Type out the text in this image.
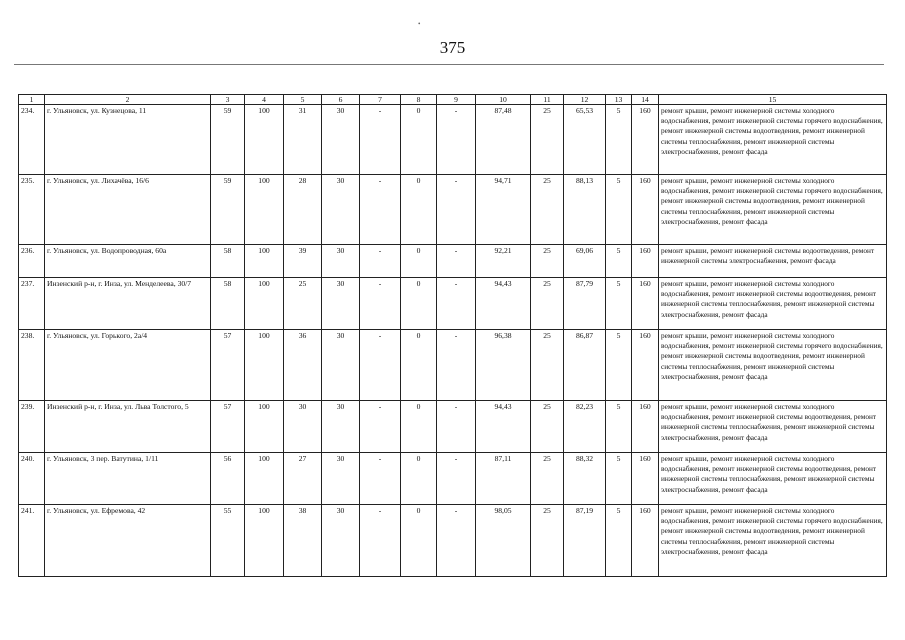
•
375
1	2	3	4	5	6	7	8	9	10	11	12	13	14	15
234.	г. Ульяновск, ул. Кузнецова, 11	59	100	31	30	-	0	-	87,48	25	65,53	5	160	ремонт крыши, ремонт инженерной системы холодного водоснабжения, ремонт инженерной системы горячего водоснабжения, ремонт инженерной системы водоотведения, ремонт инженерной системы теплоснабжения, ремонт инженерной системы электроснабжения, ремонт фасада
235.	г. Ульяновск, ул. Лихачёва, 16/6	59	100	28	30	-	0	-	94,71	25	88,13	5	160	ремонт крыши, ремонт инженерной системы холодного водоснабжения, ремонт инженерной системы горячего водоснабжения, ремонт инженерной системы водоотведения, ремонт инженерной системы теплоснабжения, ремонт инженерной системы электроснабжения, ремонт фасада
236.	г. Ульяновск, ул. Водопроводная, 60а	58	100	39	30	-	0	-	92,21	25	69,06	5	160	ремонт крыши, ремонт инженерной системы водоотведения, ремонт инженерной системы электроснабжения, ремонт фасада
237.	Инзенский р-н, г. Инза, ул. Менделеева, 30/7	58	100	25	30	-	0	-	94,43	25	87,79	5	160	ремонт крыши, ремонт инженерной системы холодного водоснабжения, ремонт инженерной системы водоотведения, ремонт инженерной системы теплоснабжения, ремонт инженерной системы электроснабжения, ремонт фасада
238.	г. Ульяновск, ул. Горького, 2а/4	57	100	36	30	-	0	-	96,38	25	86,87	5	160	ремонт крыши, ремонт инженерной системы холодного водоснабжения, ремонт инженерной системы горячего водоснабжения, ремонт инженерной системы водоотведения, ремонт инженерной системы теплоснабжения, ремонт инженерной системы электроснабжения, ремонт фасада
239.	Инзенский р-н, г. Инза, ул. Льва Толстого, 5	57	100	30	30	-	0	-	94,43	25	82,23	5	160	ремонт крыши, ремонт инженерной системы холодного водоснабжения, ремонт инженерной системы водоотведения, ремонт инженерной системы теплоснабжения, ремонт инженерной системы электроснабжения, ремонт фасада
240.	г. Ульяновск, 3 пер. Ватутина, 1/11	56	100	27	30	-	0	-	87,11	25	88,32	5	160	ремонт крыши, ремонт инженерной системы холодного водоснабжения, ремонт инженерной системы водоотведения, ремонт инженерной системы теплоснабжения, ремонт инженерной системы электроснабжения, ремонт фасада
241.	г. Ульяновск, ул. Ефремова, 42	55	100	38	30	-	0	-	98,05	25	87,19	5	160	ремонт крыши, ремонт инженерной системы холодного водоснабжения, ремонт инженерной системы горячего водоснабжения, ремонт инженерной системы водоотведения, ремонт инженерной системы теплоснабжения, ремонт инженерной системы электроснабжения, ремонт фасада
